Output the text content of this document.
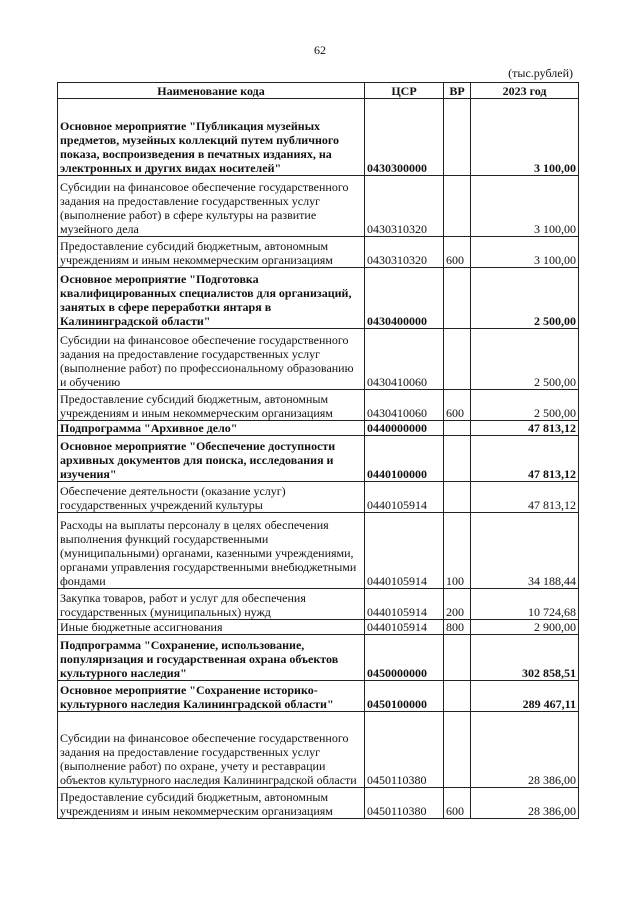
62
(тыс.рублей)
Наименование кода	ЦСР	ВР	2023 год
Основное мероприятие "Публикация музейных предметов, музейных коллекций путем публичного показа, воспроизведения в печатных изданиях, на электронных и других видах носителей"	0430300000		3 100,00
Субсидии на финансовое обеспечение государственного задания на предоставление государственных услуг (выполнение работ) в сфере культуры на развитие музейного дела	0430310320		3 100,00
Предоставление субсидий бюджетным, автономным учреждениям и иным некоммерческим организациям	0430310320	600	3 100,00
Основное мероприятие "Подготовка квалифицированных специалистов для организаций, занятых в сфере переработки янтаря в Калининградской области"	0430400000		2 500,00
Субсидии на финансовое обеспечение государственного задания на предоставление государственных услуг (выполнение работ) по профессиональному образованию и обучению	0430410060		2 500,00
Предоставление субсидий бюджетным, автономным учреждениям и иным некоммерческим организациям	0430410060	600	2 500,00
Подпрограмма "Архивное дело"	0440000000		47 813,12
Основное мероприятие "Обеспечение доступности архивных документов для поиска, исследования и изучения"	0440100000		47 813,12
Обеспечение деятельности (оказание услуг) государственных учреждений культуры	0440105914		47 813,12
Расходы на выплаты персоналу в целях обеспечения выполнения функций государственными (муниципальными) органами, казенными учреждениями, органами управления государственными внебюджетными фондами	0440105914	100	34 188,44
Закупка товаров, работ и услуг для обеспечения государственных (муниципальных) нужд	0440105914	200	10 724,68
Иные бюджетные ассигнования	0440105914	800	2 900,00
Подпрограмма "Сохранение, использование, популяризация и государственная охрана объектов культурного наследия"	0450000000		302 858,51
Основное мероприятие "Сохранение историко-культурного наследия Калининградской области"	0450100000		289 467,11
Субсидии на финансовое обеспечение государственного задания на предоставление государственных услуг (выполнение работ) по охране, учету и реставрации объектов культурного наследия Калининградской области	0450110380		28 386,00
Предоставление субсидий бюджетным, автономным учреждениям и иным некоммерческим организациям	0450110380	600	28 386,00
